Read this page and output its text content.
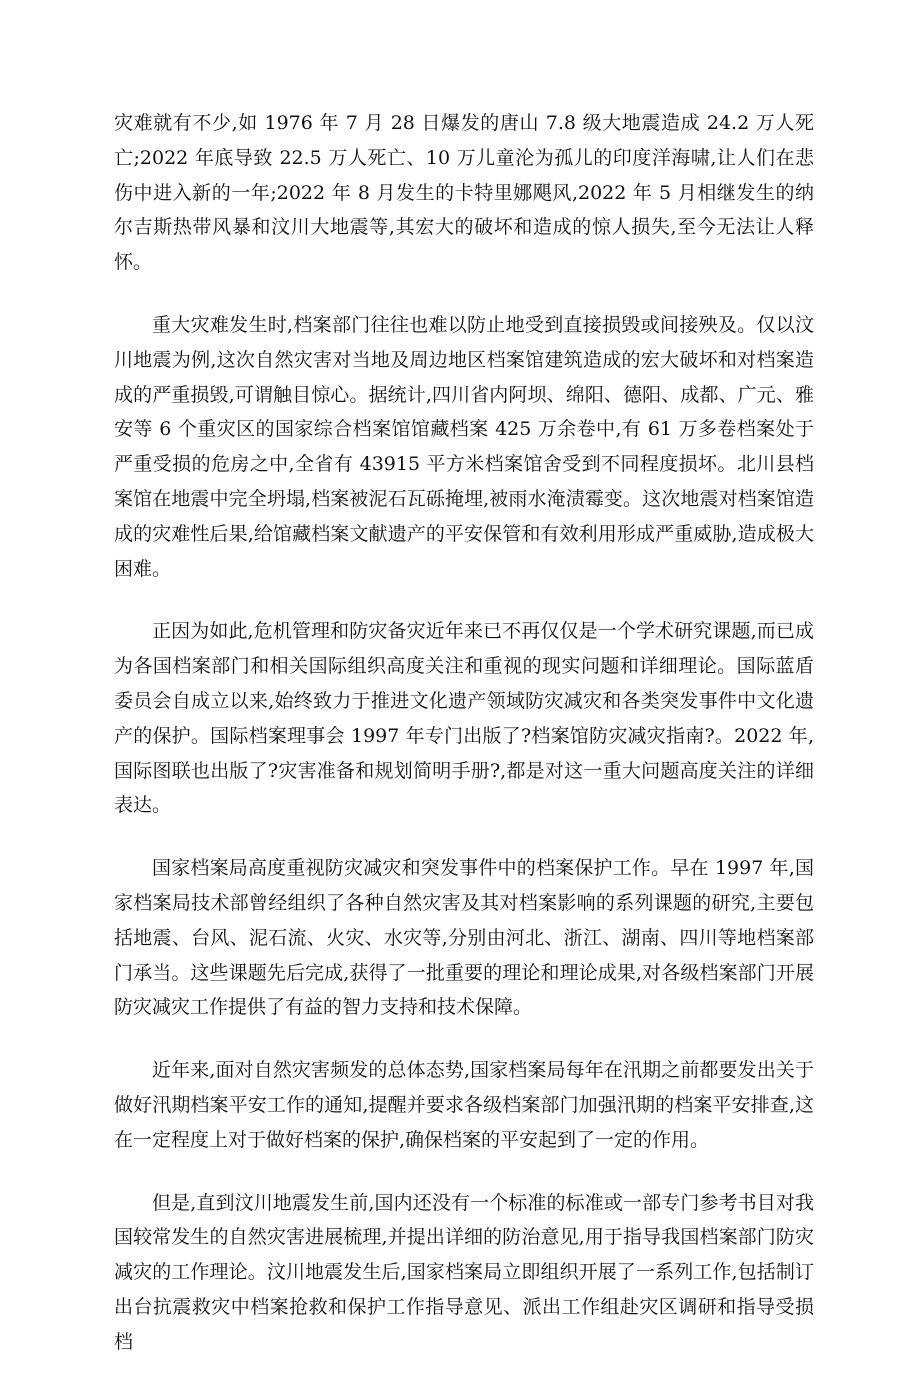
灾难就有不少,如 1976 年 7 月 28 日爆发的唐山 7.8 级大地震造成 24.2 万人死亡;2022 年底导致 22.5 万人死亡、10 万儿童沦为孤儿的印度洋海啸,让人们在悲伤中进入新的一年;2022 年 8 月发生的卡特里娜飓风,2022 年 5 月相继发生的纳尔吉斯热带风暴和汶川大地震等,其宏大的破坏和造成的惊人损失,至今无法让人释怀。

重大灾难发生时,档案部门往往也难以防止地受到直接损毁或间接殃及。仅以汶川地震为例,这次自然灾害对当地及周边地区档案馆建筑造成的宏大破坏和对档案造成的严重损毁,可谓触目惊心。据统计,四川省内阿坝、绵阳、德阳、成都、广元、雅安等 6 个重灾区的国家综合档案馆馆藏档案 425 万余卷中,有 61 万多卷档案处于严重受损的危房之中,全省有 43915 平方米档案馆舍受到不同程度损坏。北川县档案馆在地震中完全坍塌,档案被泥石瓦砾掩埋,被雨水淹渍霉变。这次地震对档案馆造成的灾难性后果,给馆藏档案文献遗产的平安保管和有效利用形成严重威胁,造成极大困难。

正因为如此,危机管理和防灾备灾近年来已不再仅仅是一个学术研究课题,而已成为各国档案部门和相关国际组织高度关注和重视的现实问题和详细理论。国际蓝盾委员会自成立以来,始终致力于推进文化遗产领域防灾减灾和各类突发事件中文化遗产的保护。国际档案理事会 1997 年专门出版了?档案馆防灾减灾指南?。2022 年,国际图联也出版了?灾害准备和规划简明手册?,都是对这一重大问题高度关注的详细表达。

国家档案局高度重视防灾减灾和突发事件中的档案保护工作。早在 1997 年,国家档案局技术部曾经组织了各种自然灾害及其对档案影响的系列课题的研究,主要包括地震、台风、泥石流、火灾、水灾等,分别由河北、浙江、湖南、四川等地档案部门承当。这些课题先后完成,获得了一批重要的理论和理论成果,对各级档案部门开展防灾减灾工作提供了有益的智力支持和技术保障。

近年来,面对自然灾害频发的总体态势,国家档案局每年在汛期之前都要发出关于做好汛期档案平安工作的通知,提醒并要求各级档案部门加强汛期的档案平安排查,这在一定程度上对于做好档案的保护,确保档案的平安起到了一定的作用。

但是,直到汶川地震发生前,国内还没有一个标准的标准或一部专门参考书目对我国较常发生的自然灾害进展梳理,并提出详细的防治意见,用于指导我国档案部门防灾减灾的工作理论。汶川地震发生后,国家档案局立即组织开展了一系列工作,包括制订出台抗震救灾中档案抢救和保护工作指导意见、派出工作组赴灾区调研和指导受损档
